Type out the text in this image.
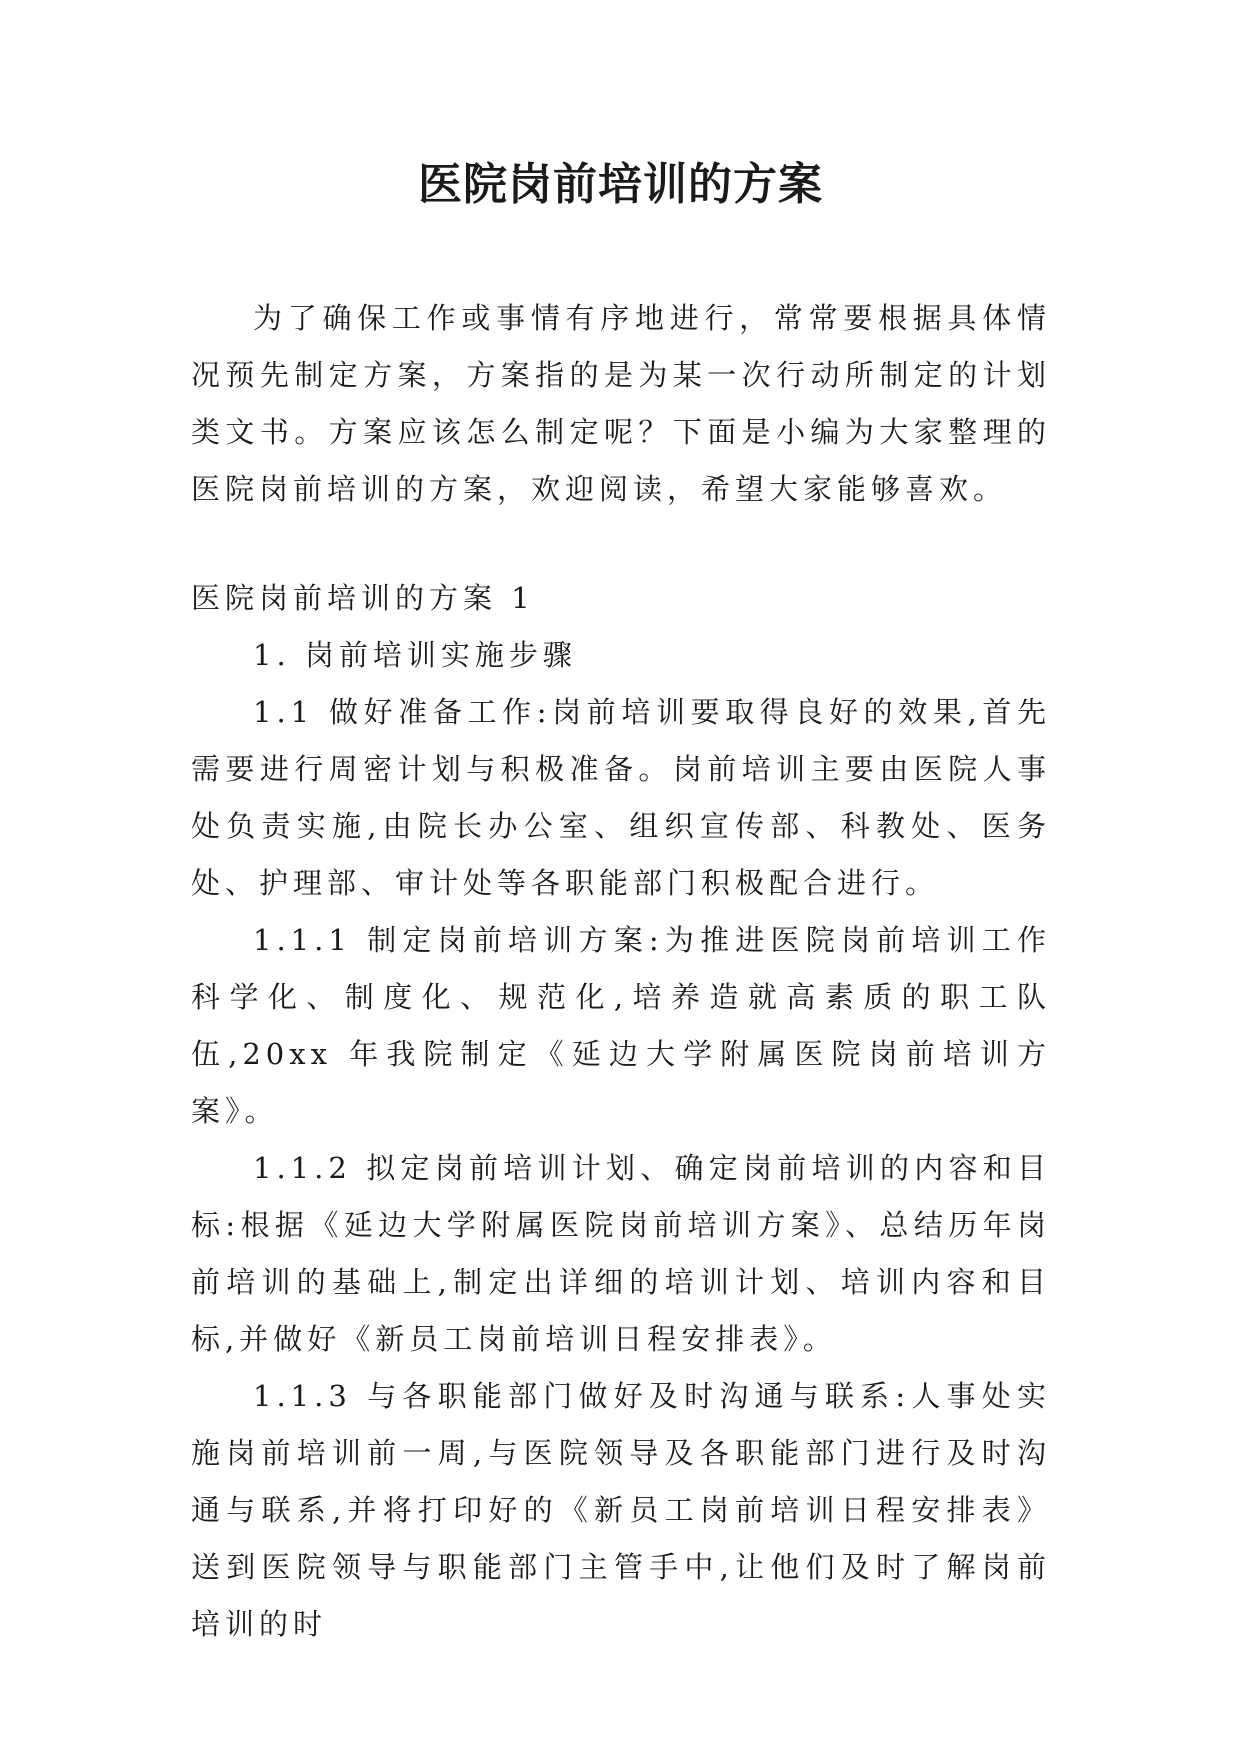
医院岗前培训的方案

为了确保工作或事情有序地进行，常常要根据具体情况预先制定方案，方案指的是为某一次行动所制定的计划类文书。方案应该怎么制定呢？下面是小编为大家整理的医院岗前培训的方案，欢迎阅读，希望大家能够喜欢。

医院岗前培训的方案 1

1. 岗前培训实施步骤

1.1 做好准备工作:岗前培训要取得良好的效果,首先需要进行周密计划与积极准备。岗前培训主要由医院人事处负责实施,由院长办公室、组织宣传部、科教处、医务处、护理部、审计处等各职能部门积极配合进行。

1.1.1 制定岗前培训方案:为推进医院岗前培训工作科学化、制度化、规范化,培养造就高素质的职工队伍,20xx 年我院制定《延边大学附属医院岗前培训方案》。

1.1.2 拟定岗前培训计划、确定岗前培训的内容和目标:根据《延边大学附属医院岗前培训方案》、总结历年岗前培训的基础上,制定出详细的培训计划、培训内容和目标,并做好《新员工岗前培训日程安排表》。

1.1.3 与各职能部门做好及时沟通与联系:人事处实施岗前培训前一周,与医院领导及各职能部门进行及时沟通与联系,并将打印好的《新员工岗前培训日程安排表》送到医院领导与职能部门主管手中,让他们及时了解岗前培训的时
